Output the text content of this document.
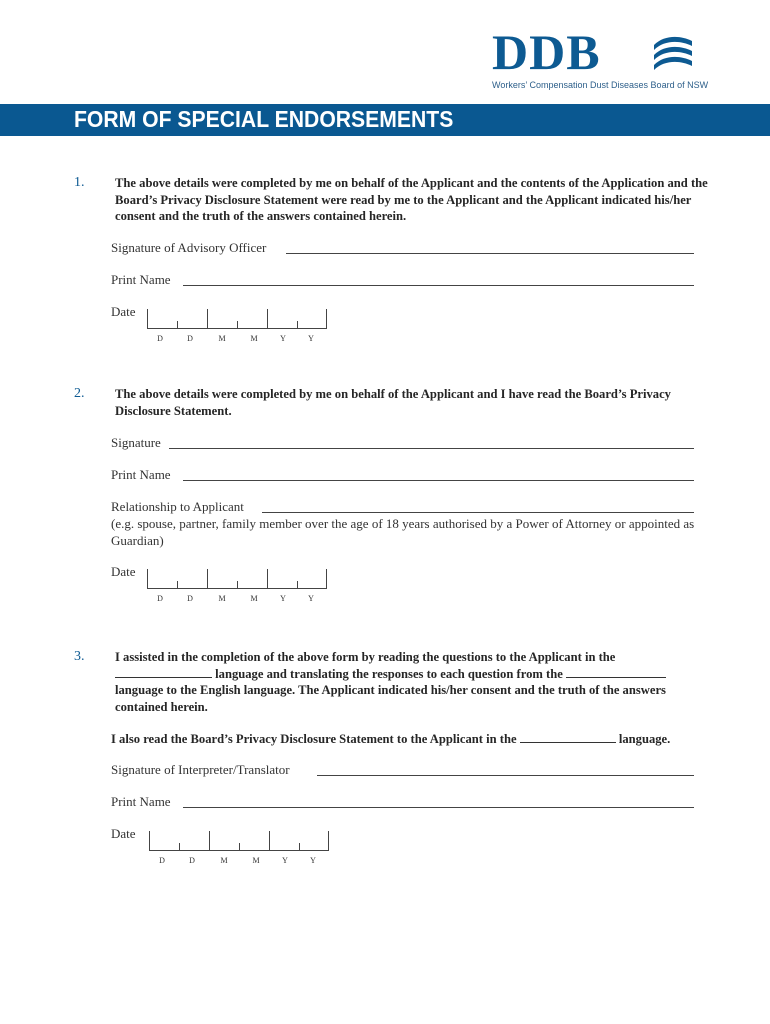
DDB
Workers’ Compensation Dust Diseases Board of NSW
FORM OF SPECIAL ENDORSEMENTS
1. The above details were completed by me on behalf of the Applicant and the contents of the Application and the Board’s Privacy Disclosure Statement were read by me to the Applicant and the Applicant indicated his/her consent and the truth of the answers contained herein.
Signature of Advisory Officer
Print Name
Date
D	D	M	M	Y	Y
2. The above details were completed by me on behalf of the Applicant and I have read the Board’s Privacy Disclosure Statement.
Signature
Print Name
Relationship to Applicant
(e.g. spouse, partner, family member over the age of 18 years authorised by a Power of Attorney or appointed as Guardian)
Date
D	D	M	M	Y	Y
3. I assisted in the completion of the above form by reading the questions to the Applicant in the
language and translating the responses to each question from the
language to the English language. The Applicant indicated his/her consent and the truth of the answers contained herein.
I also read the Board’s Privacy Disclosure Statement to the Applicant in the	language.
Signature of Interpreter/Translator
Print Name
Date
D	D	M	M	Y	Y
